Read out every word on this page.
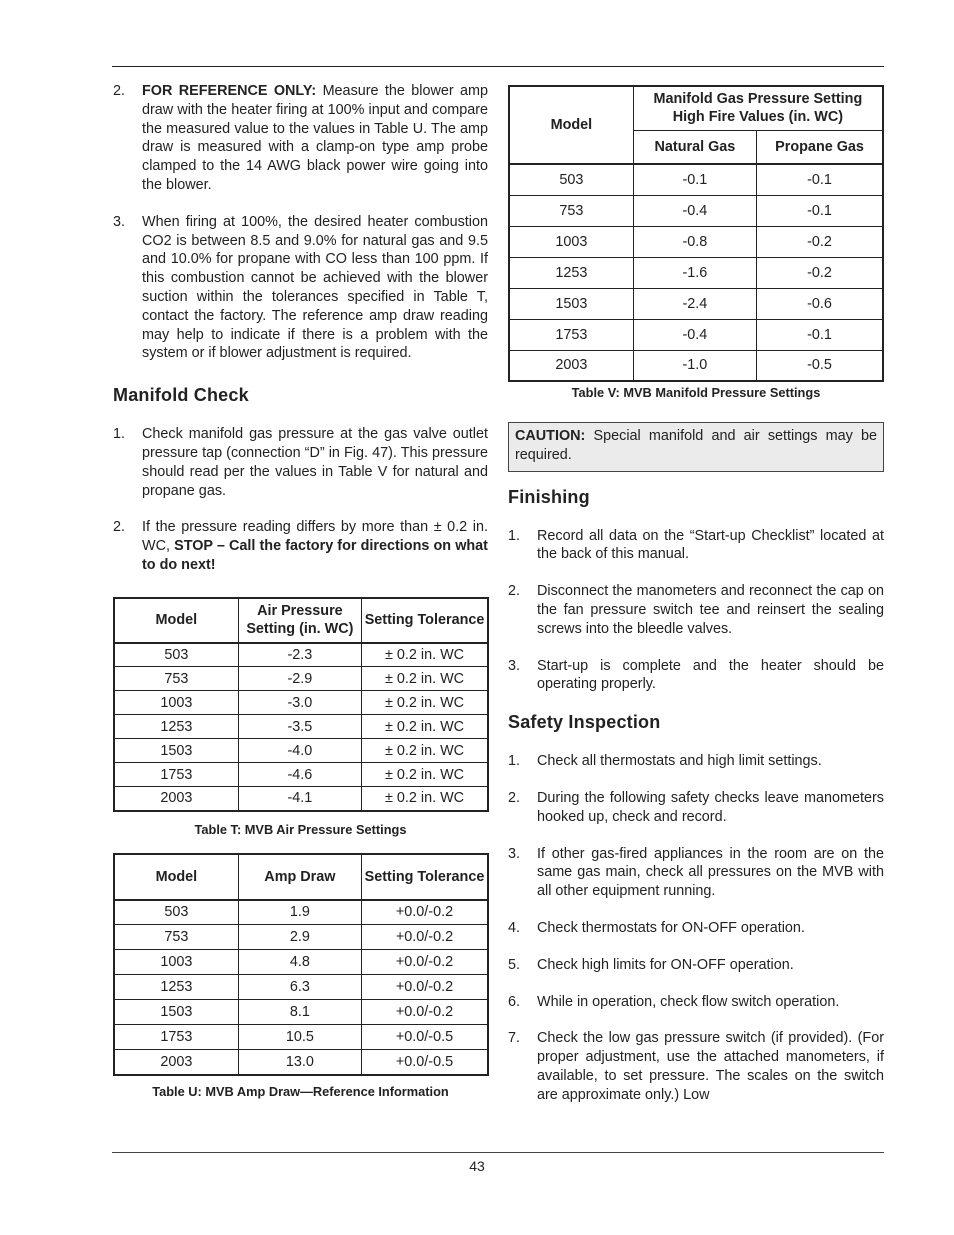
2. FOR REFERENCE ONLY: Measure the blower amp draw with the heater firing at 100% input and compare the measured value to the values in Table U. The amp draw is measured with a clamp-on type amp probe clamped to the 14 AWG black power wire going into the blower.
3. When firing at 100%, the desired heater combustion CO2 is between 8.5 and 9.0% for natural gas and 9.5 and 10.0% for propane with CO less than 100 ppm. If this combustion cannot be achieved with the blower suction within the tolerances specified in Table T, contact the factory. The reference amp draw reading may help to indicate if there is a problem with the system or if blower adjustment is required.
Manifold Check
1. Check manifold gas pressure at the gas valve outlet pressure tap (connection “D” in Fig. 47). This pressure should read per the values in Table V for natural and propane gas.
2. If the pressure reading differs by more than ± 0.2 in. WC, STOP – Call the factory for directions on what to do next!
Model	Air Pressure Setting (in. WC)	Setting Tolerance
503	-2.3	± 0.2 in. WC
753	-2.9	± 0.2 in. WC
1003	-3.0	± 0.2 in. WC
1253	-3.5	± 0.2 in. WC
1503	-4.0	± 0.2 in. WC
1753	-4.6	± 0.2 in. WC
2003	-4.1	± 0.2 in. WC
Table T: MVB Air Pressure Settings
Model	Amp Draw	Setting Tolerance
503	1.9	+0.0/-0.2
753	2.9	+0.0/-0.2
1003	4.8	+0.0/-0.2
1253	6.3	+0.0/-0.2
1503	8.1	+0.0/-0.2
1753	10.5	+0.0/-0.5
2003	13.0	+0.0/-0.5
Table U: MVB Amp Draw—Reference Information
Model	Manifold Gas Pressure Setting High Fire Values (in. WC)	
	Natural Gas	Propane Gas
503	-0.1	-0.1
753	-0.4	-0.1
1003	-0.8	-0.2
1253	-1.6	-0.2
1503	-2.4	-0.6
1753	-0.4	-0.1
2003	-1.0	-0.5
Table V: MVB Manifold Pressure Settings
CAUTION: Special manifold and air settings may be required.
Finishing
1. Record all data on the “Start-up Checklist” located at the back of this manual.
2. Disconnect the manometers and reconnect the cap on the fan pressure switch tee and reinsert the sealing screws into the bleedle valves.
3. Start-up is complete and the heater should be operating properly.
Safety Inspection
1. Check all thermostats and high limit settings.
2. During the following safety checks leave manometers hooked up, check and record.
3. If other gas-fired appliances in the room are on the same gas main, check all pressures on the MVB with all other equipment running.
4. Check thermostats for ON-OFF operation.
5. Check high limits for ON-OFF operation.
6. While in operation, check flow switch operation.
7. Check the low gas pressure switch (if provided). (For proper adjustment, use the attached manometers, if available, to set pressure. The scales on the switch are approximate only.) Low
43
